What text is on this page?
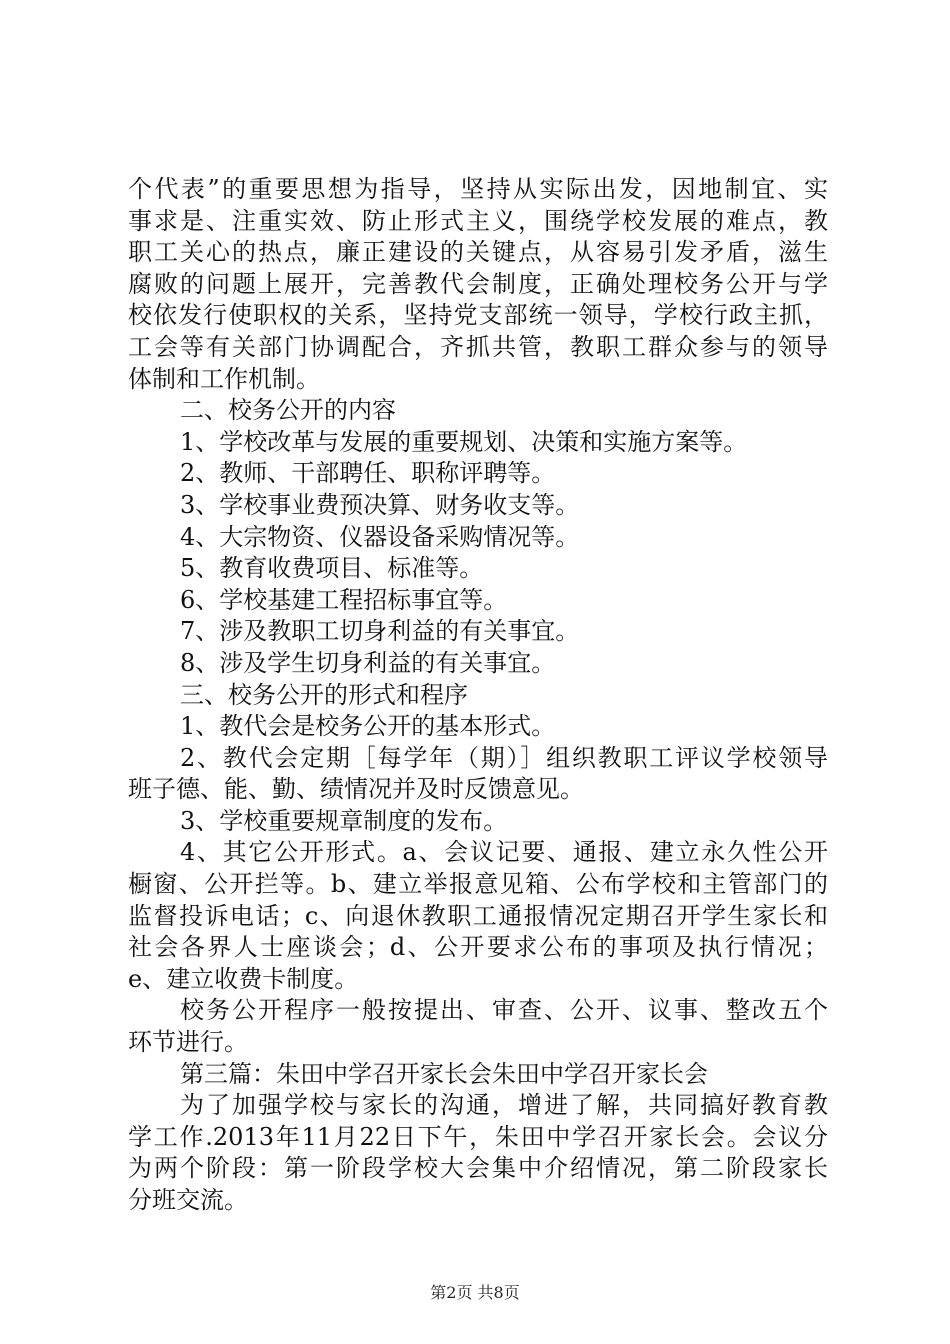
个代表”的重要思想为指导，坚持从实际出发，因地制宜、实
事求是、注重实效、防止形式主义，围绕学校发展的难点，教
职工关心的热点，廉正建设的关键点，从容易引发矛盾，滋生
腐败的问题上展开，完善教代会制度，正确处理校务公开与学
校依发行使职权的关系，坚持党支部统一领导，学校行政主抓，
工会等有关部门协调配合，齐抓共管，教职工群众参与的领导
体制和工作机制。
二、校务公开的内容
1、学校改革与发展的重要规划、决策和实施方案等。
2、教师、干部聘任、职称评聘等。
3、学校事业费预决算、财务收支等。
4、大宗物资、仪器设备采购情况等。
5、教育收费项目、标准等。
6、学校基建工程招标事宜等。
7、涉及教职工切身利益的有关事宜。
8、涉及学生切身利益的有关事宜。
三、校务公开的形式和程序
1、教代会是校务公开的基本形式。
2、教代会定期［每学年（期）］组织教职工评议学校领导
班子德、能、勤、绩情况并及时反馈意见。
3、学校重要规章制度的发布。
4、其它公开形式。a、会议记要、通报、建立永久性公开
橱窗、公开拦等。b、建立举报意见箱、公布学校和主管部门的
监督投诉电话；c、向退休教职工通报情况定期召开学生家长和
社会各界人士座谈会；d、公开要求公布的事项及执行情况；
e、建立收费卡制度。
校务公开程序一般按提出、审查、公开、议事、整改五个
环节进行。
第三篇：朱田中学召开家长会朱田中学召开家长会
为了加强学校与家长的沟通，增进了解，共同搞好教育教
学工作.2013年11月22日下午，朱田中学召开家长会。会议分
为两个阶段：第一阶段学校大会集中介绍情况，第二阶段家长
分班交流。
第2页 共8页
